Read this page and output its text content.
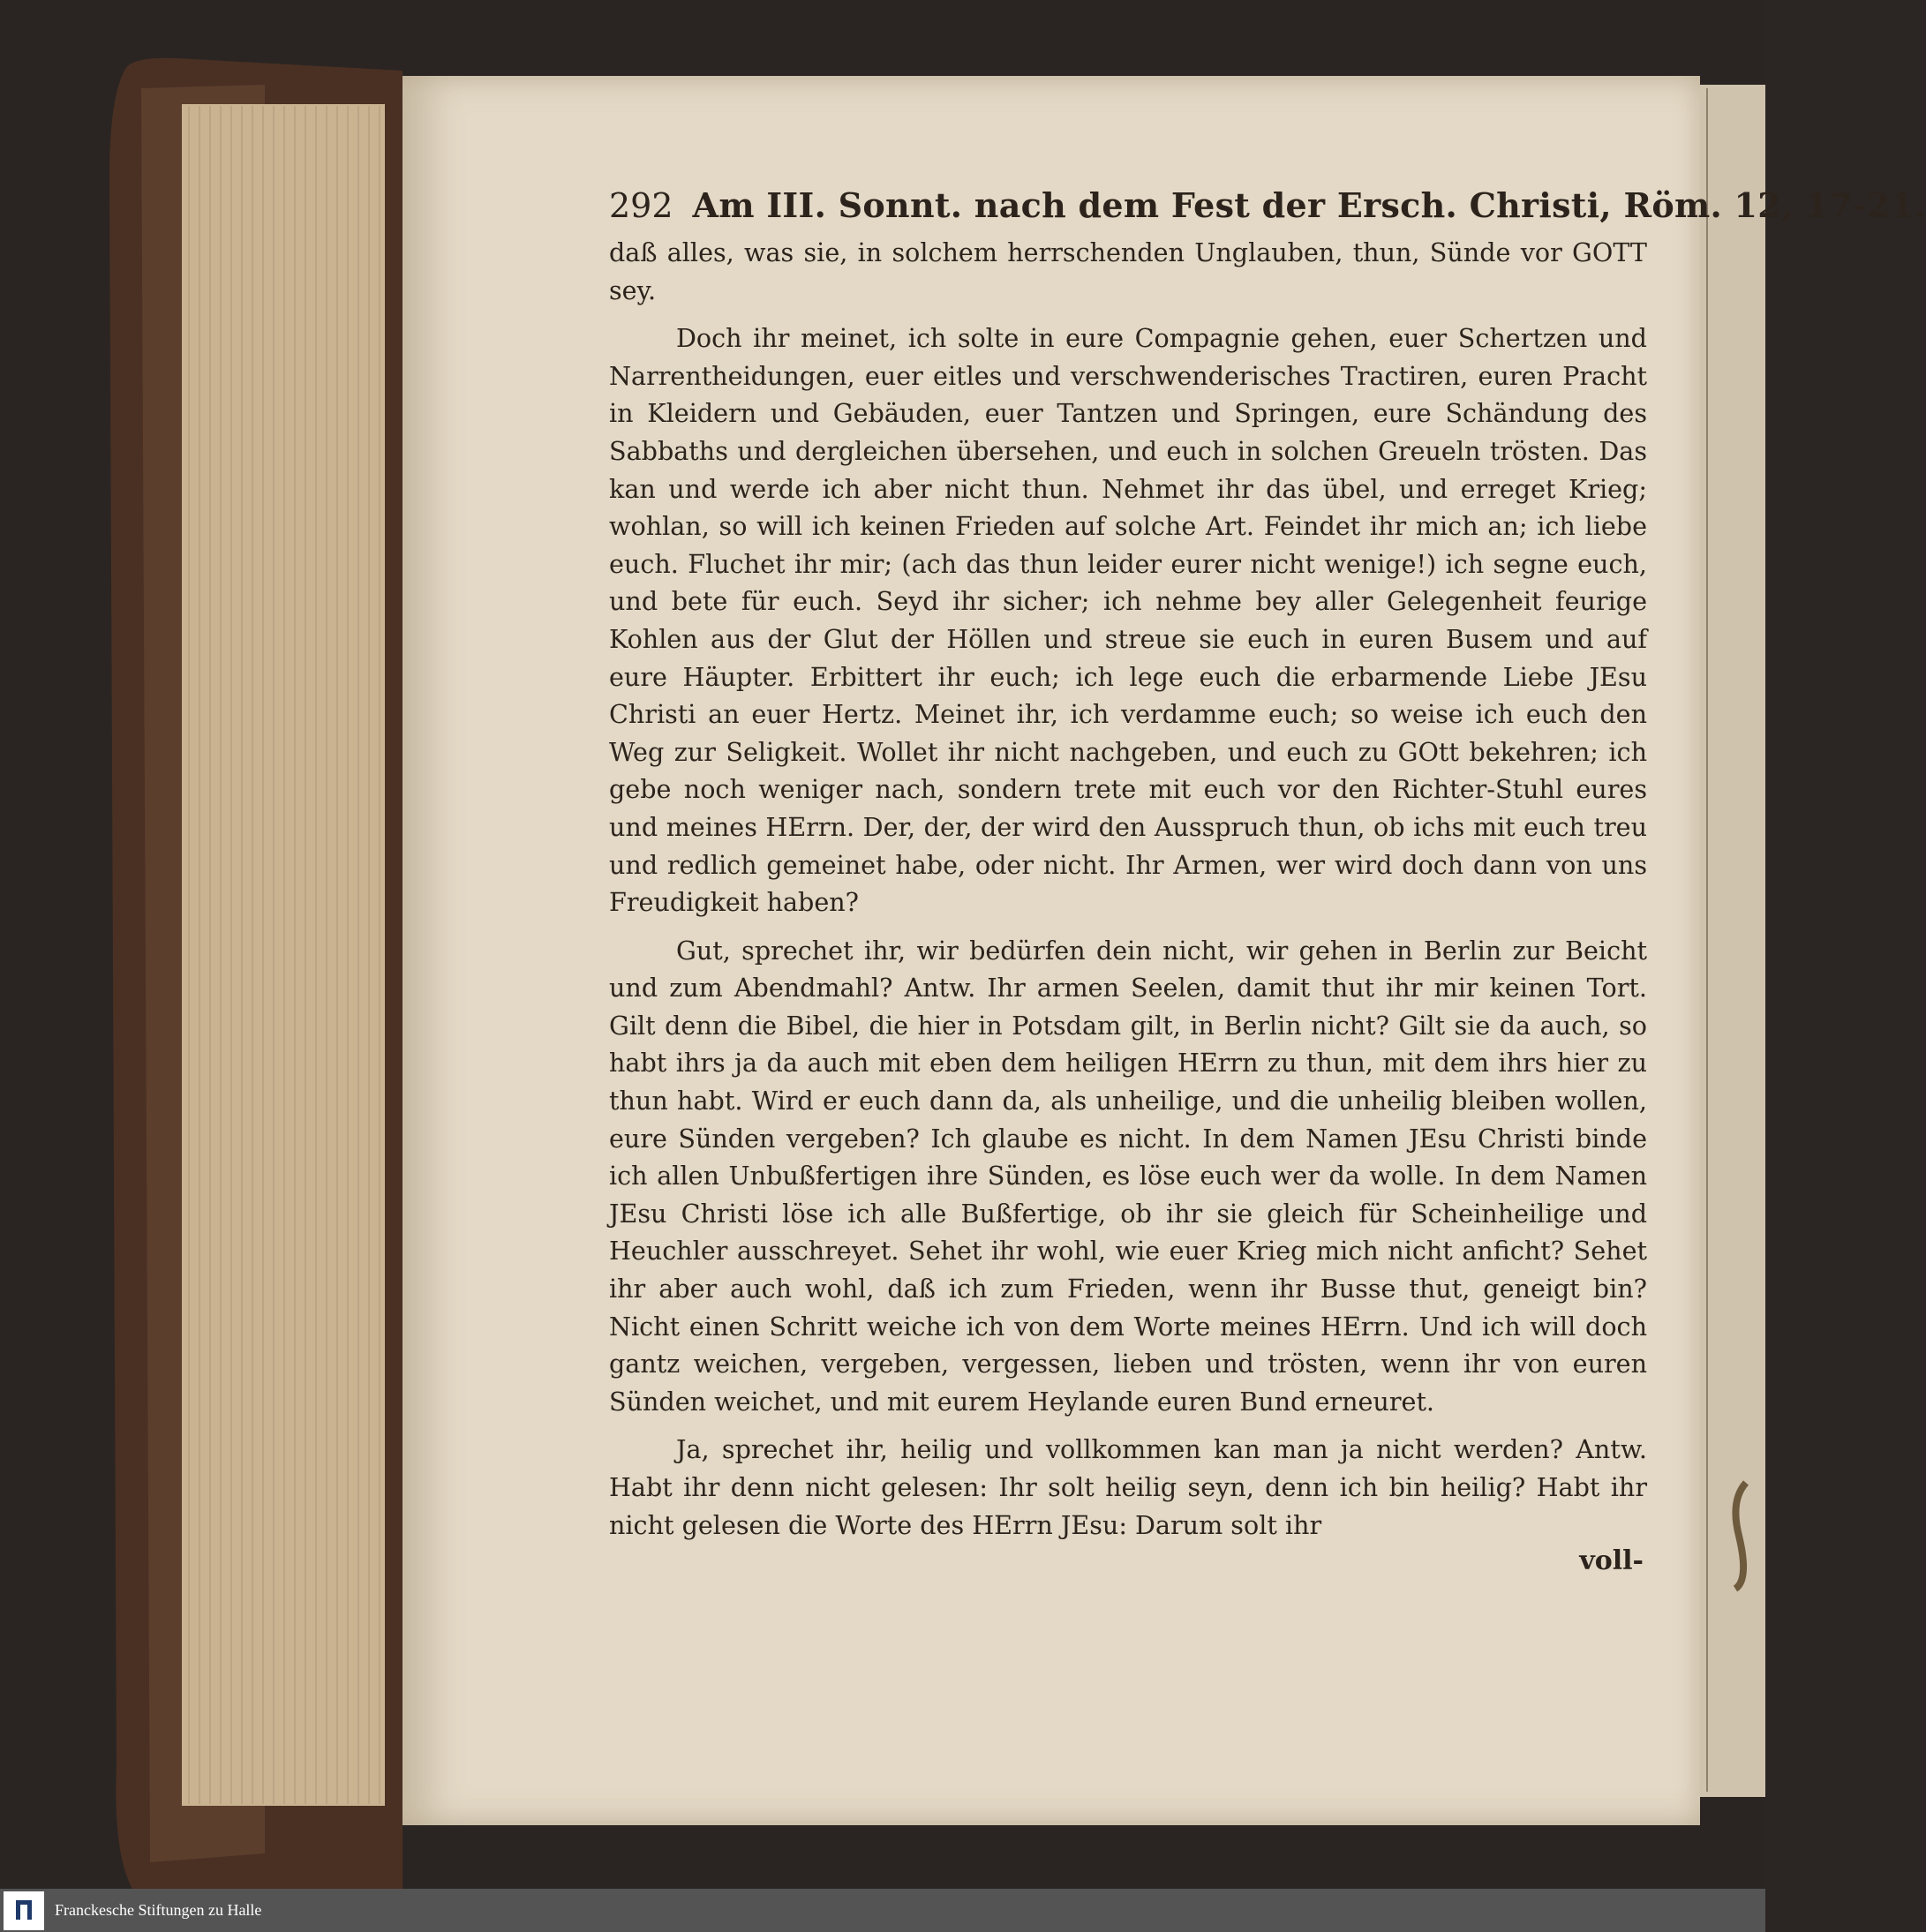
292 Am III. Sonnt. nach dem Fest der Ersch. Christi, Röm. 12, 17-21.

daß alles, was sie, in solchem herrschenden Unglauben, thun, Sünde vor GOTT sey.

Doch ihr meinet, ich solte in eure Compagnie gehen, euer Schertzen und Narrentheidungen, euer eitles und verschwenderisches Tractiren, euren Pracht in Kleidern und Gebäuden, euer Tantzen und Springen, eure Schändung des Sabbaths und dergleichen übersehen, und euch in solchen Greueln trösten. Das kan und werde ich aber nicht thun. Nehmet ihr das übel, und erreget Krieg; wohlan, so will ich keinen Frieden auf solche Art. Feindet ihr mich an; ich liebe euch. Fluchet ihr mir; (ach das thun leider eurer nicht wenige!) ich segne euch, und bete für euch. Seyd ihr sicher; ich nehme bey aller Gelegenheit feurige Kohlen aus der Glut der Höllen und streue sie euch in euren Busem und auf eure Häupter. Erbittert ihr euch; ich lege euch die erbarmende Liebe JEsu Christi an euer Hertz. Meinet ihr, ich verdamme euch; so weise ich euch den Weg zur Seligkeit. Wollet ihr nicht nachgeben, und euch zu GOtt bekehren; ich gebe noch weniger nach, sondern trete mit euch vor den Richter-Stuhl eures und meines HErrn. Der, der, der wird den Ausspruch thun, ob ichs mit euch treu und redlich gemeinet habe, oder nicht. Ihr Armen, wer wird doch dann von uns Freudigkeit haben?

Gut, sprechet ihr, wir bedürfen dein nicht, wir gehen in Berlin zur Beicht und zum Abendmahl? Antw. Ihr armen Seelen, damit thut ihr mir keinen Tort. Gilt denn die Bibel, die hier in Potsdam gilt, in Berlin nicht? Gilt sie da auch, so habt ihrs ja da auch mit eben dem heiligen HErrn zu thun, mit dem ihrs hier zu thun habt. Wird er euch dann da, als unheilige, und die unheilig bleiben wollen, eure Sünden vergeben? Ich glaube es nicht. In dem Namen JEsu Christi binde ich allen Unbußfertigen ihre Sünden, es löse euch wer da wolle. In dem Namen JEsu Christi löse ich alle Bußfertige, ob ihr sie gleich für Scheinheilige und Heuchler ausschreyet. Sehet ihr wohl, wie euer Krieg mich nicht anficht? Sehet ihr aber auch wohl, daß ich zum Frieden, wenn ihr Busse thut, geneigt bin? Nicht einen Schritt weiche ich von dem Worte meines HErrn. Und ich will doch gantz weichen, vergeben, vergessen, lieben und trösten, wenn ihr von euren Sünden weichet, und mit eurem Heylande euren Bund erneuret.

Ja, sprechet ihr, heilig und vollkommen kan man ja nicht werden? Antw. Habt ihr denn nicht gelesen: Ihr solt heilig seyn, denn ich bin heilig? Habt ihr nicht gelesen die Worte des HErrn JEsu: Darum solt ihr

voll-
Franckesche Stiftungen zu Halle
